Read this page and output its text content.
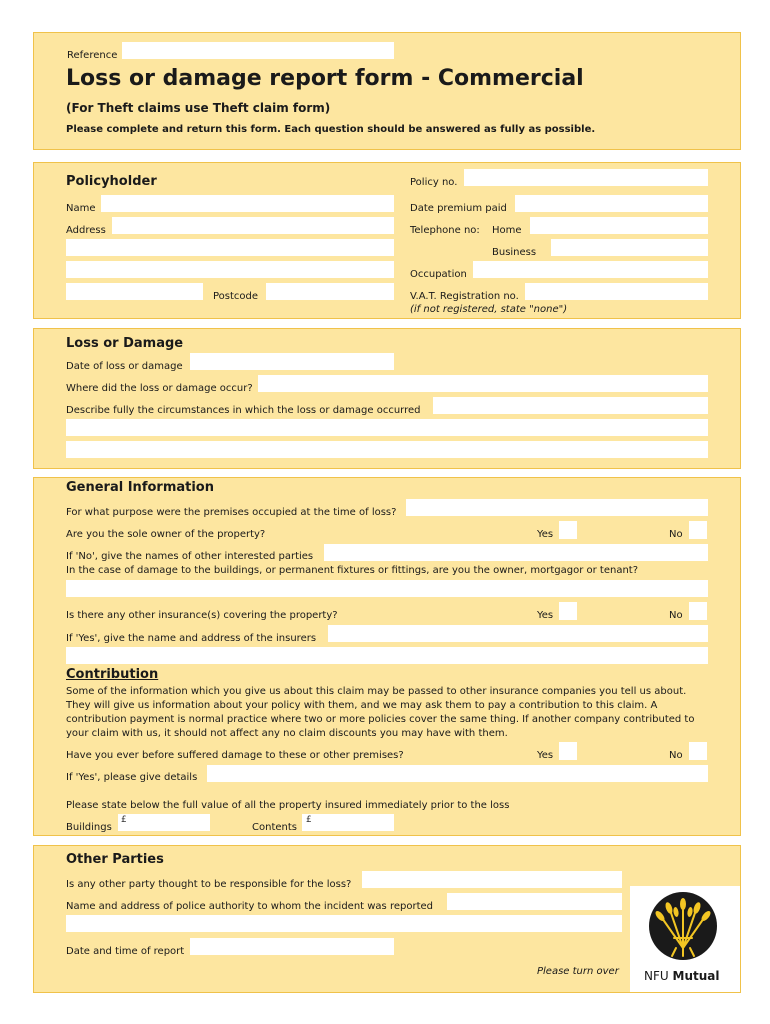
Reference
Loss or damage report form - Commercial
(For Theft claims use Theft claim form)
Please complete and return this form. Each question should be answered as fully as possible.
Policyholder
Name
Address
Postcode
Policy no.
Date premium paid
Telephone no: Home
Business
Occupation
V.A.T. Registration no.
(if not registered, state "none")
Loss or Damage
Date of loss or damage
Where did the loss or damage occur?
Describe fully the circumstances in which the loss or damage occurred
General Information
For what purpose were the premises occupied at the time of loss?
Are you the sole owner of the property?	Yes	No
If 'No', give the names of other interested parties
In the case of damage to the buildings, or permanent fixtures or fittings, are you the owner, mortgagor or tenant?
Is there any other insurance(s) covering the property?	Yes	No
If 'Yes', give the name and address of the insurers
Contribution
Some of the information which you give us about this claim may be passed to other insurance companies you tell us about.
They will give us information about your policy with them, and we may ask them to pay a contribution to this claim. A
contribution payment is normal practice where two or more policies cover the same thing. If another company contributed to
your claim with us, it should not affect any no claim discounts you may have with them.
Have you ever before suffered damage to these or other premises?	Yes	No
If 'Yes', please give details
Please state below the full value of all the property insured immediately prior to the loss
Buildings
£
Contents
£
Other Parties
Is any other party thought to be responsible for the loss?
Name and address of police authority to whom the incident was reported
Date and time of report
Please turn over NFU Mutual
